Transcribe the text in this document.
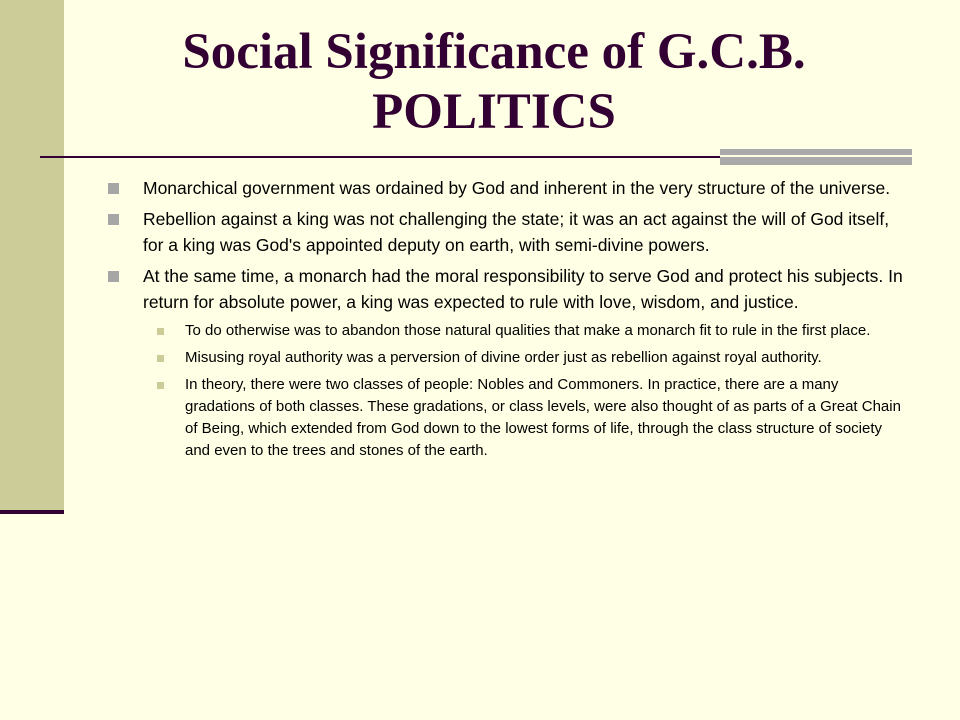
Social Significance of G.C.B.
POLITICS
Monarchical government was ordained by God and inherent in the very structure of the universe.
Rebellion against a king was not challenging the state; it was an act against the will of God itself, for a king was God's appointed deputy on earth, with semi-divine powers.
At the same time, a monarch had the moral responsibility to serve God and protect his subjects. In return for absolute power, a king was expected to rule with love, wisdom, and justice.
To do otherwise was to abandon those natural qualities that make a monarch fit to rule in the first place.
Misusing royal authority was a perversion of divine order just as rebellion against royal authority.
In theory, there were two classes of people: Nobles and Commoners. In practice, there are a many gradations of both classes. These gradations, or class levels, were also thought of as parts of a Great Chain of Being, which extended from God down to the lowest forms of life, through the class structure of society and even to the trees and stones of the earth.
